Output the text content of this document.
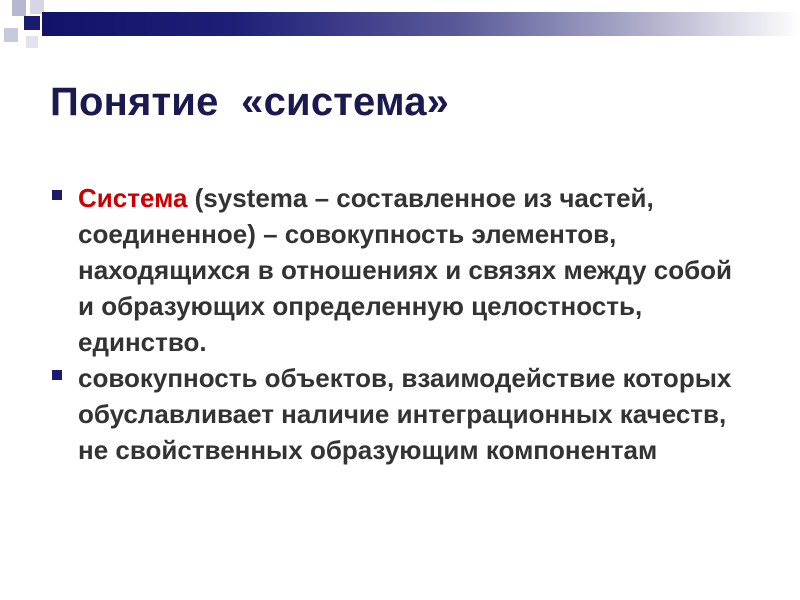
Понятие  «система»
Система (systema – составленное из частей, соединенное) – совокупность элементов, находящихся в отношениях и связях между собой и образующих определенную целостность, единство.
совокупность объектов, взаимодействие которых обуславливает наличие интеграционных качеств, не свойственных образующим компонентам
